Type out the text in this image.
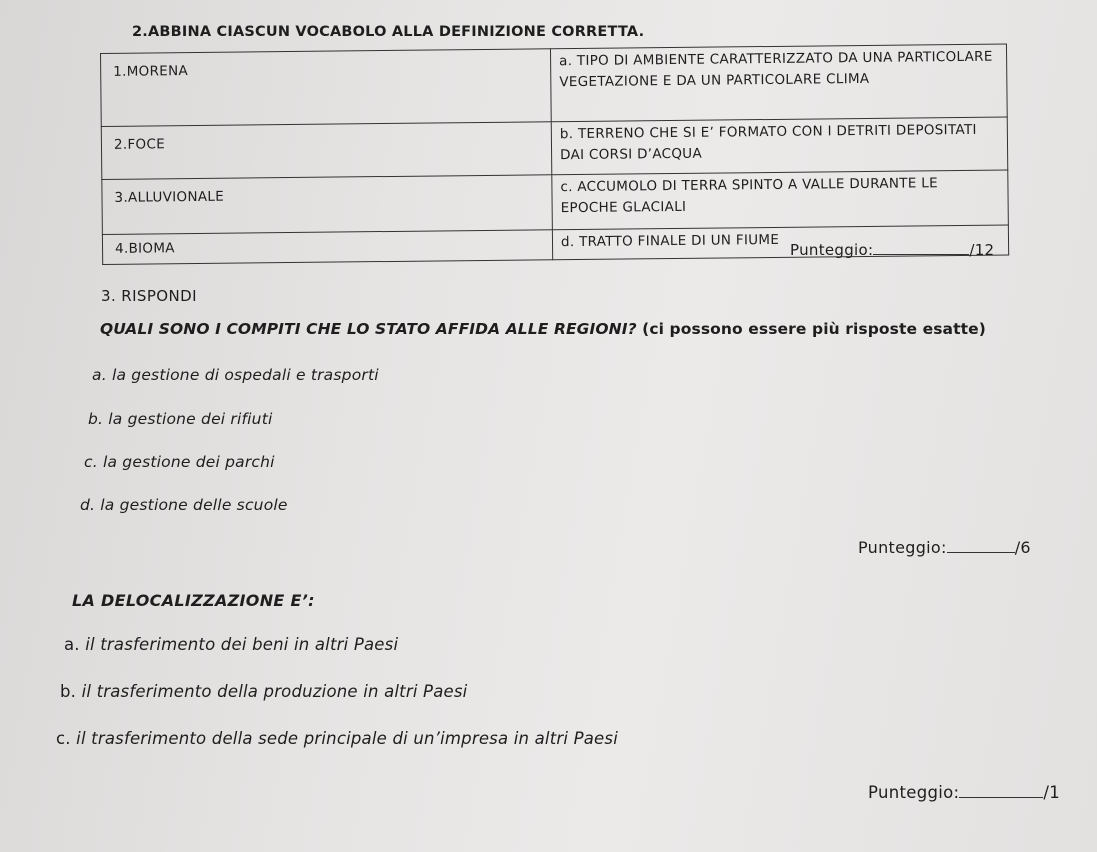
2.ABBINA CIASCUN VOCABOLO ALLA DEFINIZIONE CORRETTA.
1.MORENA	a. TIPO DI AMBIENTE CARATTERIZZATO DA UNA PARTICOLARE VEGETAZIONE E DA UN PARTICOLARE CLIMA
2.FOCE	b. TERRENO CHE SI E’ FORMATO CON I DETRITI DEPOSITATI DAI CORSI D’ACQUA
3.ALLUVIONALE	c. ACCUMOLO DI TERRA SPINTO A VALLE DURANTE LE EPOCHE GLACIALI
4.BIOMA	d. TRATTO FINALE DI UN FIUME Punteggio:	/12
3. RISPONDI
QUALI SONO I COMPITI CHE LO STATO AFFIDA ALLE REGIONI? (ci possono essere più risposte esatte)
a. la gestione di ospedali e trasporti
b. la gestione dei rifiuti
c. la gestione dei parchi
d. la gestione delle scuole
Punteggio:	/6
LA DELOCALIZZAZIONE E’:
a. il trasferimento dei beni in altri Paesi
b. il trasferimento della produzione in altri Paesi
c. il trasferimento della sede principale di un’impresa in altri Paesi
Punteggio:	/1
